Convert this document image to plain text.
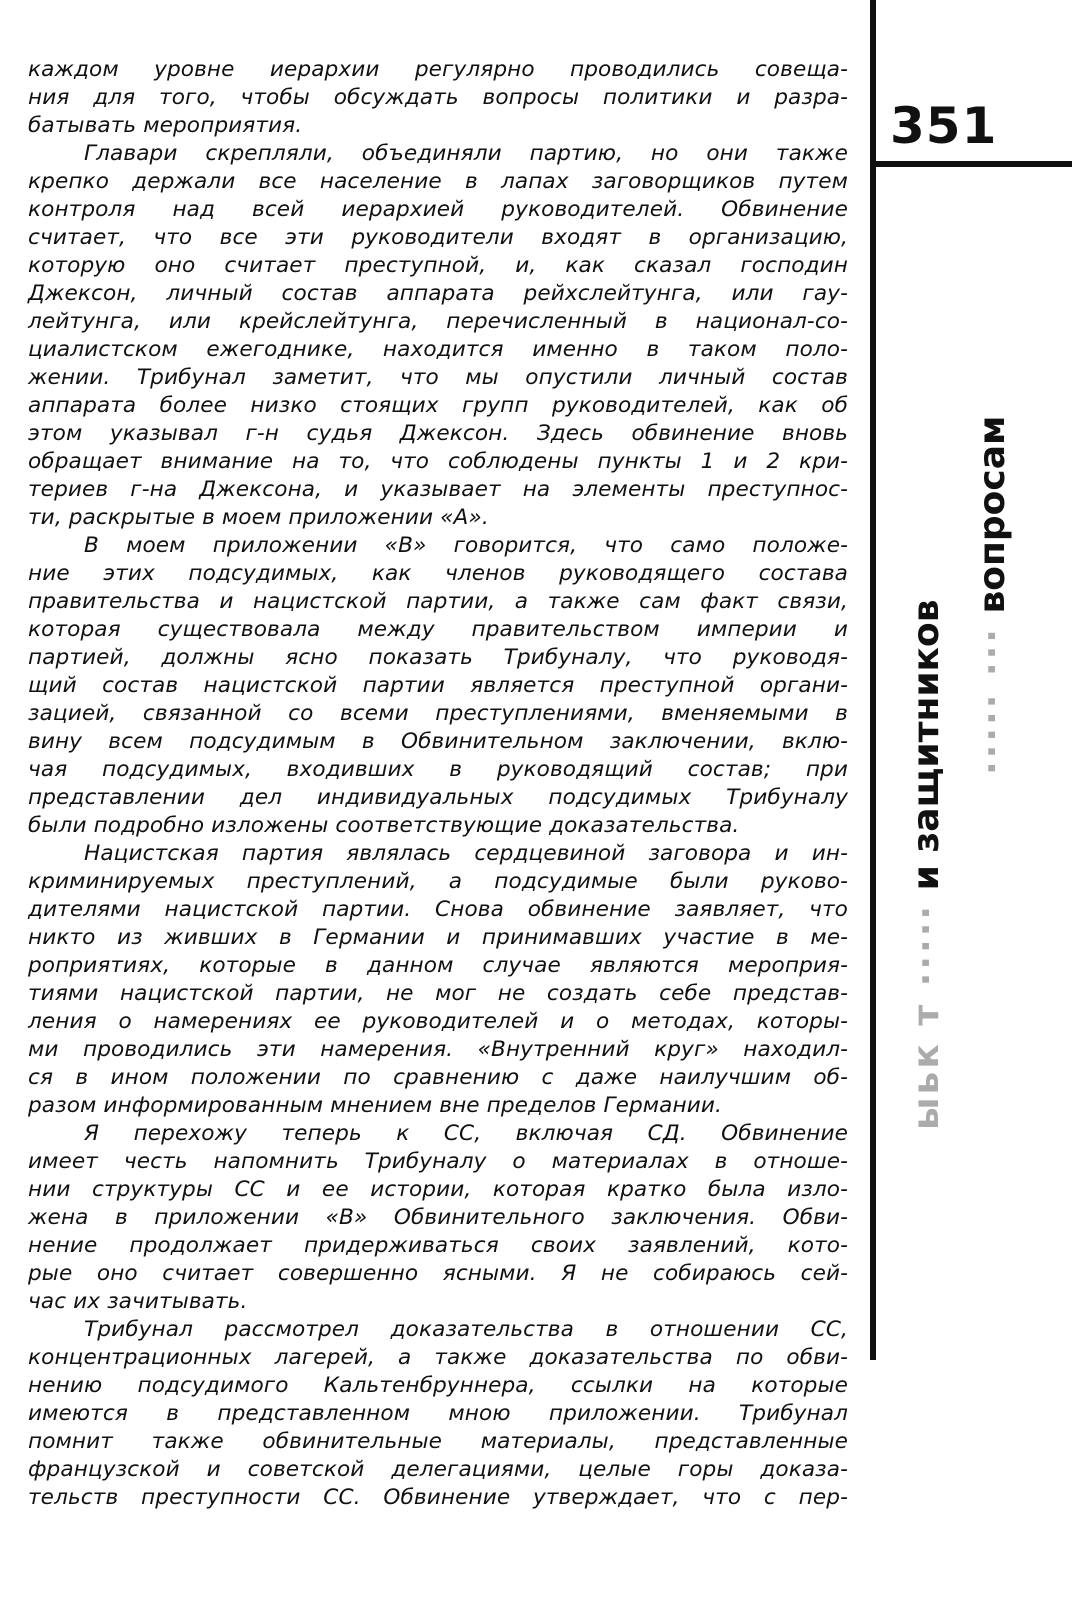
каждом уровне иерархии регулярно проводились совеща-
ния для того, чтобы обсуждать вопросы политики и разра-
батывать мероприятия.
Главари скрепляли, объединяли партию, но они также
крепко держали все население в лапах заговорщиков путем
контроля над всей иерархией руководителей. Обвинение
считает, что все эти руководители входят в организацию,
которую оно считает преступной, и, как сказал господин
Джексон, личный состав аппарата рейхслейтунга, или гау-
лейтунга, или крейслейтунга, перечисленный в национал-со-
циалистском ежегоднике, находится именно в таком поло-
жении. Трибунал заметит, что мы опустили личный состав
аппарата более низко стоящих групп руководителей, как об
этом указывал г-н судья Джексон. Здесь обвинение вновь
обращает внимание на то, что соблюдены пункты 1 и 2 кри-
териев г-на Джексона, и указывает на элементы преступнос-
ти, раскрытые в моем приложении «А».
В моем приложении «В» говорится, что само положе-
ние этих подсудимых, как членов руководящего состава
правительства и нацистской партии, а также сам факт связи,
которая существовала между правительством империи и
партией, должны ясно показать Трибуналу, что руководя-
щий состав нацистской партии является преступной органи-
зацией, связанной со всеми преступлениями, вменяемыми в
вину всем подсудимым в Обвинительном заключении, вклю-
чая подсудимых, входивших в руководящий состав; при
представлении дел индивидуальных подсудимых Трибуналу
были подробно изложены соответствующие доказательства.
Нацистская партия являлась сердцевиной заговора и ин-
криминируемых преступлений, а подсудимые были руково-
дителями нацистской партии. Снова обвинение заявляет, что
никто из живших в Германии и принимавших участие в ме-
роприятиях, которые в данном случае являются мероприя-
тиями нацистской партии, не мог не создать себе представ-
ления о намерениях ее руководителей и о методах, которы-
ми проводились эти намерения. «Внутренний круг» находил-
ся в ином положении по сравнению с даже наилучшим об-
разом информированным мнением вне пределов Германии.
Я перехожу теперь к СС, включая СД. Обвинение
имеет честь напомнить Трибуналу о материалах в отноше-
нии структуры СС и ее истории, которая кратко была изло-
жена в приложении «В» Обвинительного заключения. Обви-
нение продолжает придерживаться своих заявлений, кото-
рые оно считает совершенно ясными. Я не собираюсь сей-
час их зачитывать.
Трибунал рассмотрел доказательства в отношении СС,
концентрационных лагерей, а также доказательства по обви-
нению подсудимого Кальтенбруннера, ссылки на которые
имеются в представленном мною приложении. Трибунал
помнит также обвинительные материалы, представленные
французской и советской делегациями, целые горы доказа-
тельств преступности СС. Обвинение утверждает, что с пер-
351
ыьк т ····· и защитников ····· ··· вопросам
